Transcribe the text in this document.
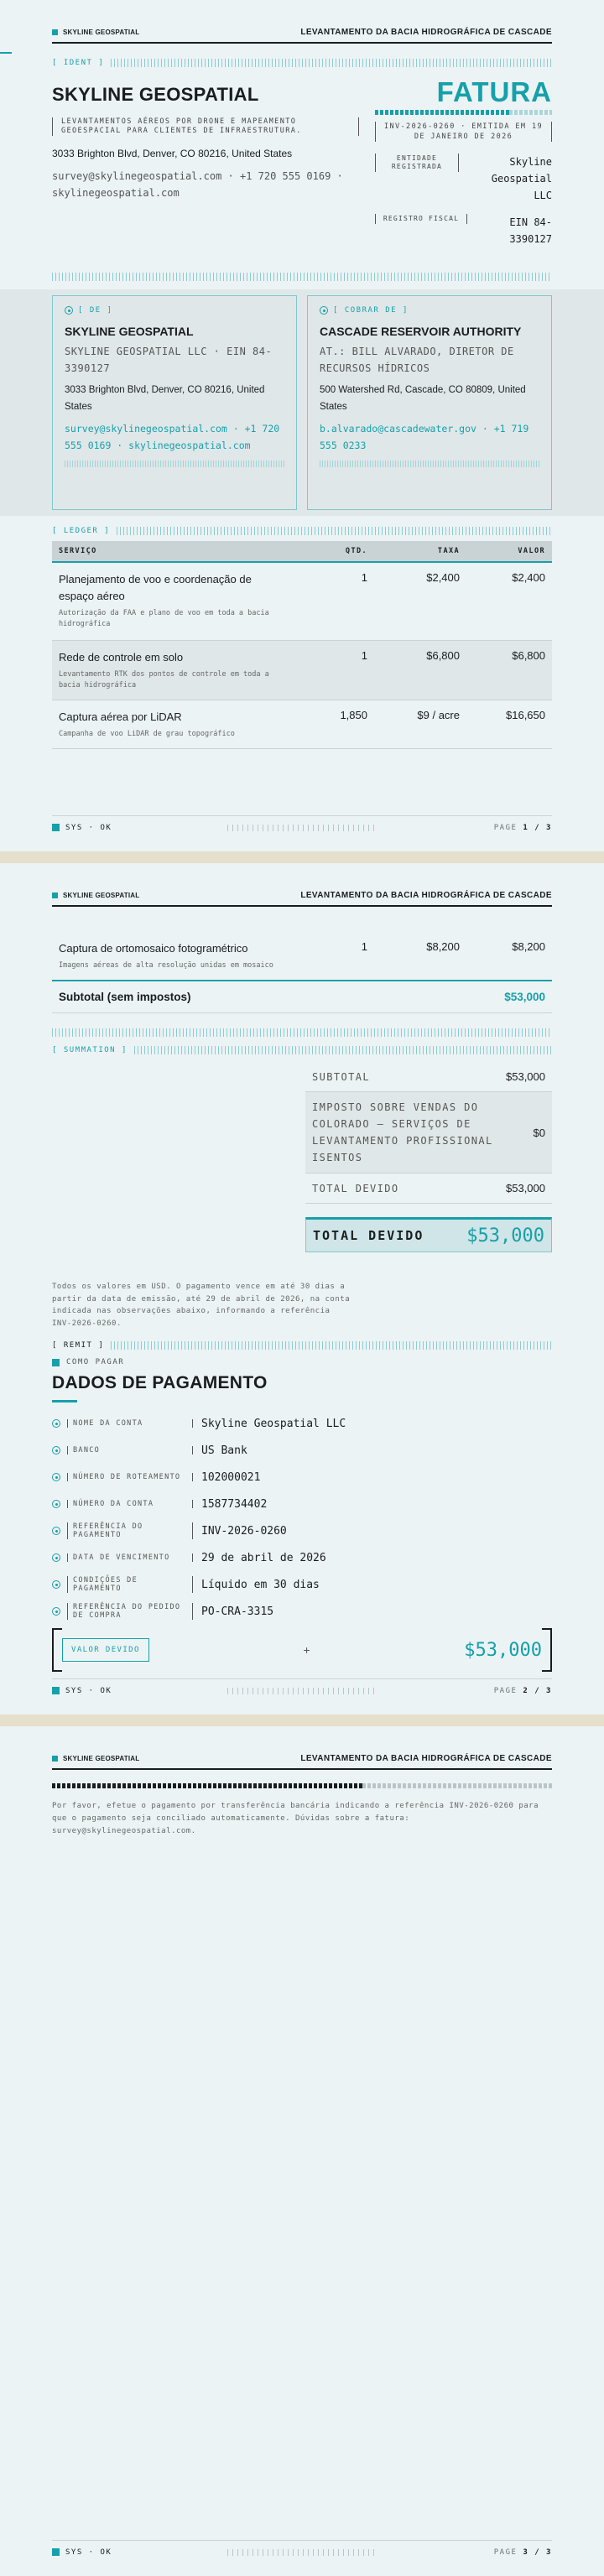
SKYLINE GEOSPATIAL	LEVANTAMENTO DA BACIA HIDROGRÁFICA DE CASCADE
[ IDENT ]
SKYLINE GEOSPATIAL
LEVANTAMENTOS AÉREOS POR DRONE E MAPEAMENTO GEOESPACIAL PARA CLIENTES DE INFRAESTRUTURA.
3033 Brighton Blvd, Denver, CO 80216, United States
survey@skylinegeospatial.com · +1 720 555 0169 · skylinegeospatial.com
FATURA
INV-2026-0260 · EMITIDA EM 19 DE JANEIRO DE 2026
ENTIDADE REGISTRADA	Skyline Geospatial LLC
REGISTRO FISCAL	EIN 84-3390127
[ DE ]
SKYLINE GEOSPATIAL
SKYLINE GEOSPATIAL LLC · EIN 84-3390127
3033 Brighton Blvd, Denver, CO 80216, United States
survey@skylinegeospatial.com · +1 720 555 0169 · skylinegeospatial.com
[ COBRAR DE ]
CASCADE RESERVOIR AUTHORITY
AT.: BILL ALVARADO, DIRETOR DE RECURSOS HÍDRICOS
500 Watershed Rd, Cascade, CO 80809, United States
b.alvarado@cascadewater.gov · +1 719 555 0233
[ LEDGER ]
SERVIÇO	QTD.	TAXA	VALOR
Planejamento de voo e coordenação de espaço aéreo
Autorização da FAA e plano de voo em toda a bacia hidrográfica
1	$2,400	$2,400
Rede de controle em solo
Levantamento RTK dos pontos de controle em toda a bacia hidrográfica
1	$6,800	$6,800
Captura aérea por LiDAR
Campanha de voo LiDAR de grau topográfico
1,850	$9 / acre	$16,650
SYS · OK	PAGE 1 / 3
SKYLINE GEOSPATIAL	LEVANTAMENTO DA BACIA HIDROGRÁFICA DE CASCADE
Captura de ortomosaico fotogramétrico
Imagens aéreas de alta resolução unidas em mosaico
1	$8,200	$8,200
Subtotal (sem impostos)	$53,000
[ SUMMATION ]
SUBTOTAL	$53,000
IMPOSTO SOBRE VENDAS DO COLORADO — SERVIÇOS DE LEVANTAMENTO PROFISSIONAL ISENTOS
$0
TOTAL DEVIDO	$53,000
TOTAL DEVIDO $53,000
Todos os valores em USD. O pagamento vence em até 30 dias a partir da data de emissão, até 29 de abril de 2026, na conta indicada nas observações abaixo, informando a referência INV-2026-0260.
[ REMIT ]
COMO PAGAR
DADOS DE PAGAMENTO
NOME DA CONTA	Skyline Geospatial LLC
BANCO	US Bank
NÚMERO DE ROTEAMENTO	102000021
NÚMERO DA CONTA	1587734402
REFERÊNCIA DO PAGAMENTO	INV-2026-0260
DATA DE VENCIMENTO	29 de abril de 2026
CONDIÇÕES DE PAGAMENTO	Líquido em 30 dias
REFERÊNCIA DO PEDIDO DE COMPRA	PO-CRA-3315
VALOR DEVIDO	+	$53,000
SYS · OK	PAGE 2 / 3
SKYLINE GEOSPATIAL	LEVANTAMENTO DA BACIA HIDROGRÁFICA DE CASCADE
Por favor, efetue o pagamento por transferência bancária indicando a referência INV-2026-0260 para que o pagamento seja conciliado automaticamente. Dúvidas sobre a fatura: survey@skylinegeospatial.com.
SYS · OK	PAGE 3 / 3
